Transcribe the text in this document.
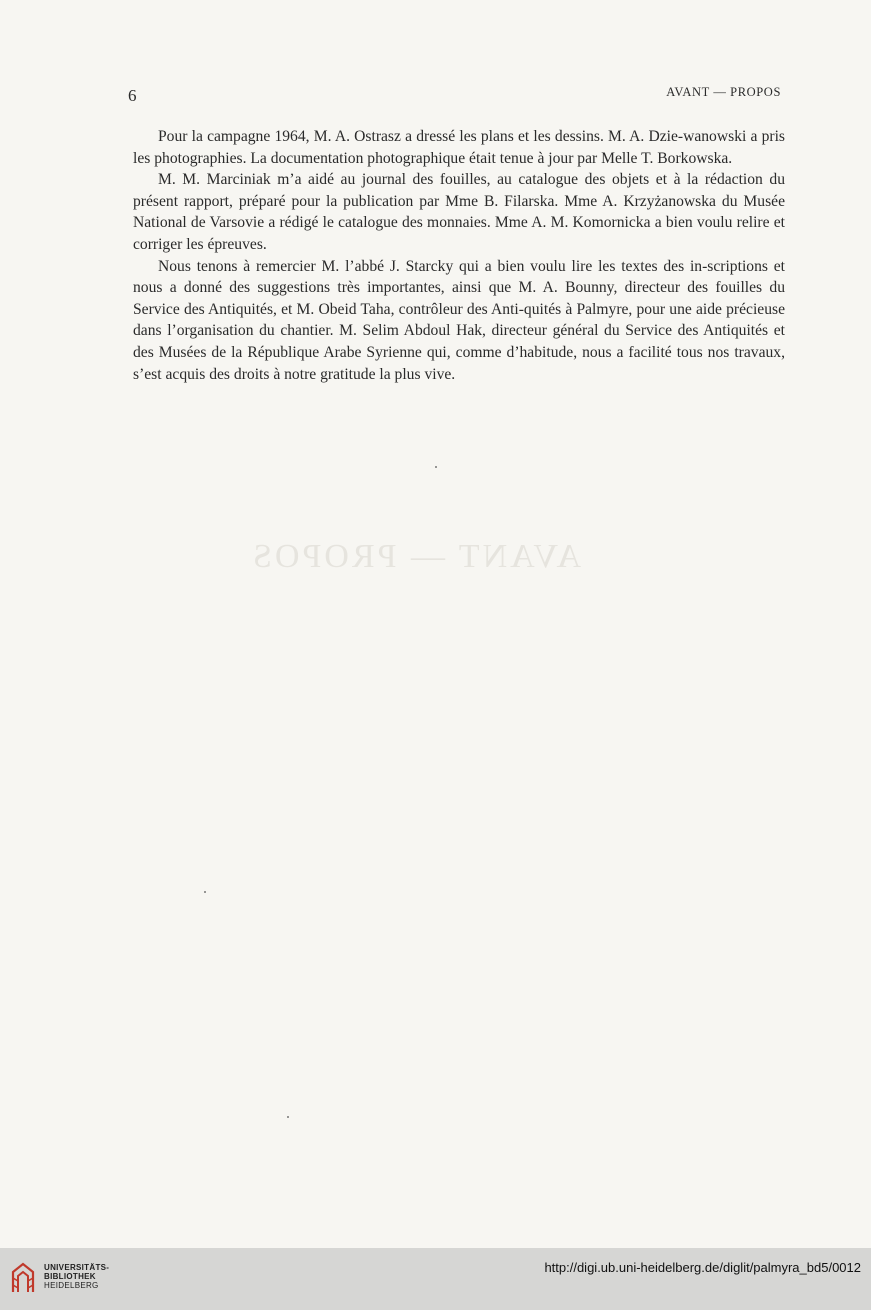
6	AVANT — PROPOS
AVANT — PROPOS

Pour la campagne 1964, M. A. Ostrasz a dressé les plans et les dessins. M. A. Dzie-wanowski a pris les photographies. La documentation photographique était tenue à jour par Melle T. Borkowska.

M. M. Marciniak m’a aidé au journal des fouilles, au catalogue des objets et à la rédaction du présent rapport, préparé pour la publication par Mme B. Filarska. Mme A. Krzyżanowska du Musée National de Varsovie a rédigé le catalogue des monnaies. Mme A. M. Komornicka a bien voulu relire et corriger les épreuves.

Nous tenons à remercier M. l’abbé J. Starcky qui a bien voulu lire les textes des in-scriptions et nous a donné des suggestions très importantes, ainsi que M. A. Bounny, directeur des fouilles du Service des Antiquités, et M. Obeid Taha, contrôleur des Anti-quités à Palmyre, pour une aide précieuse dans l’organisation du chantier. M. Selim Abdoul Hak, directeur général du Service des Antiquités et des Musées de la République Arabe Syrienne qui, comme d’habitude, nous a facilité tous nos travaux, s’est acquis des droits à notre gratitude la plus vive.

UNIVERSITÄTS-
BIBLIOTHEK
HEIDELBERG
http://digi.ub.uni-heidelberg.de/diglit/palmyra_bd5/0012
